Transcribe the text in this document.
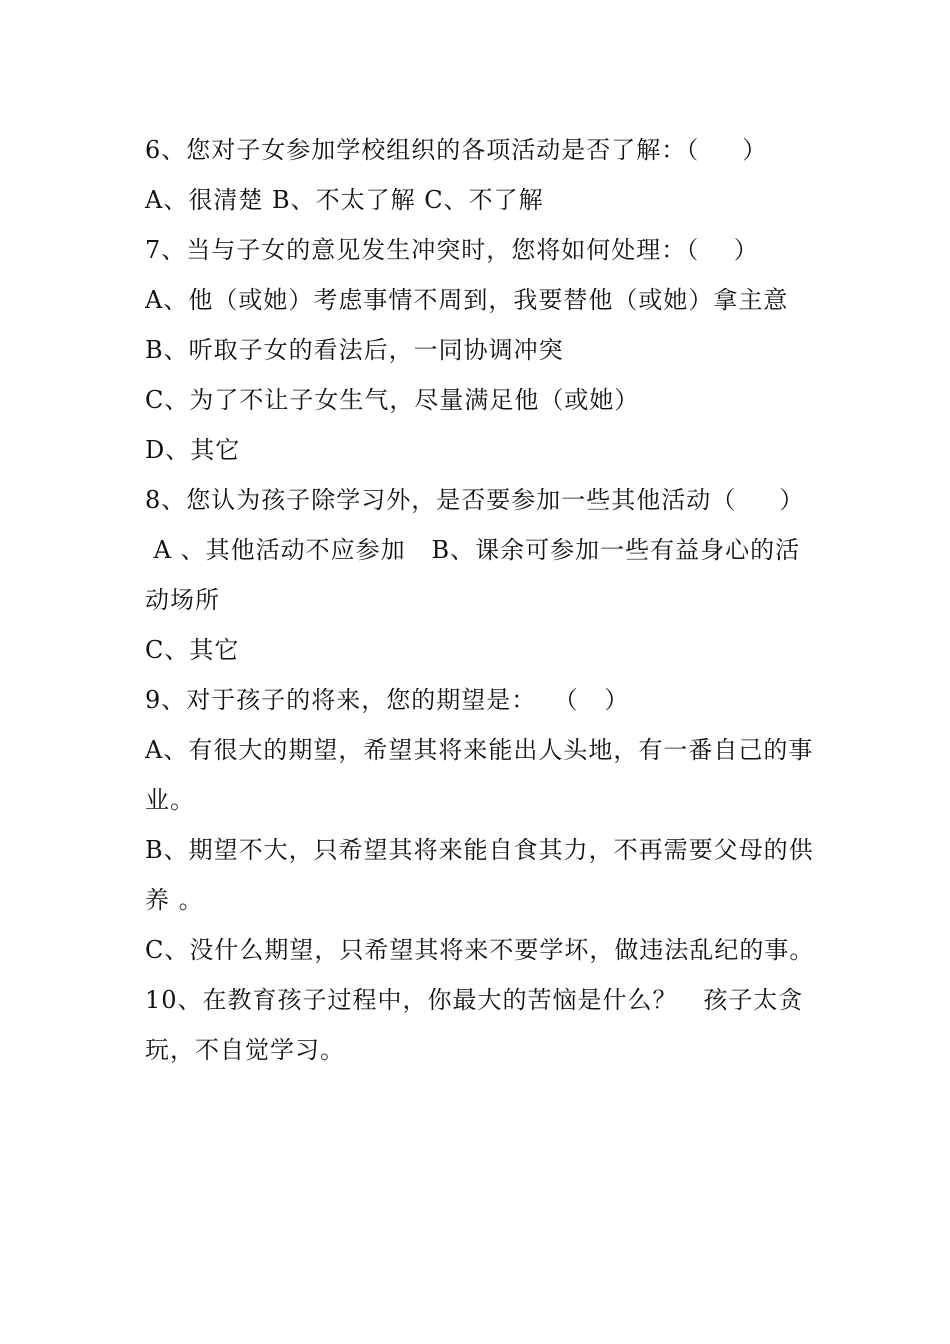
6、您对子女参加学校组织的各项活动是否了解：（     ）
A、很清楚 B、不太了解 C、不了解
7、当与子女的意见发生冲突时，您将如何处理：（    ）
A、他（或她）考虑事情不周到，我要替他（或她）拿主意
B、听取子女的看法后，一同协调冲突
C、为了不让子女生气，尽量满足他（或她）
D、其它
8、您认为孩子除学习外，是否要参加一些其他活动（     ）
A 、其他活动不应参加   B、课余可参加一些有益身心的活
动场所
C、其它
9、对于孩子的将来，您的期望是：  （   ）
A、有很大的期望，希望其将来能出人头地，有一番自己的事
业。
B、期望不大，只希望其将来能自食其力，不再需要父母的供
养 。
C、没什么期望，只希望其将来不要学坏，做违法乱纪的事。
10、在教育孩子过程中，你最大的苦恼是什么？   孩子太贪
玩，不自觉学习。
